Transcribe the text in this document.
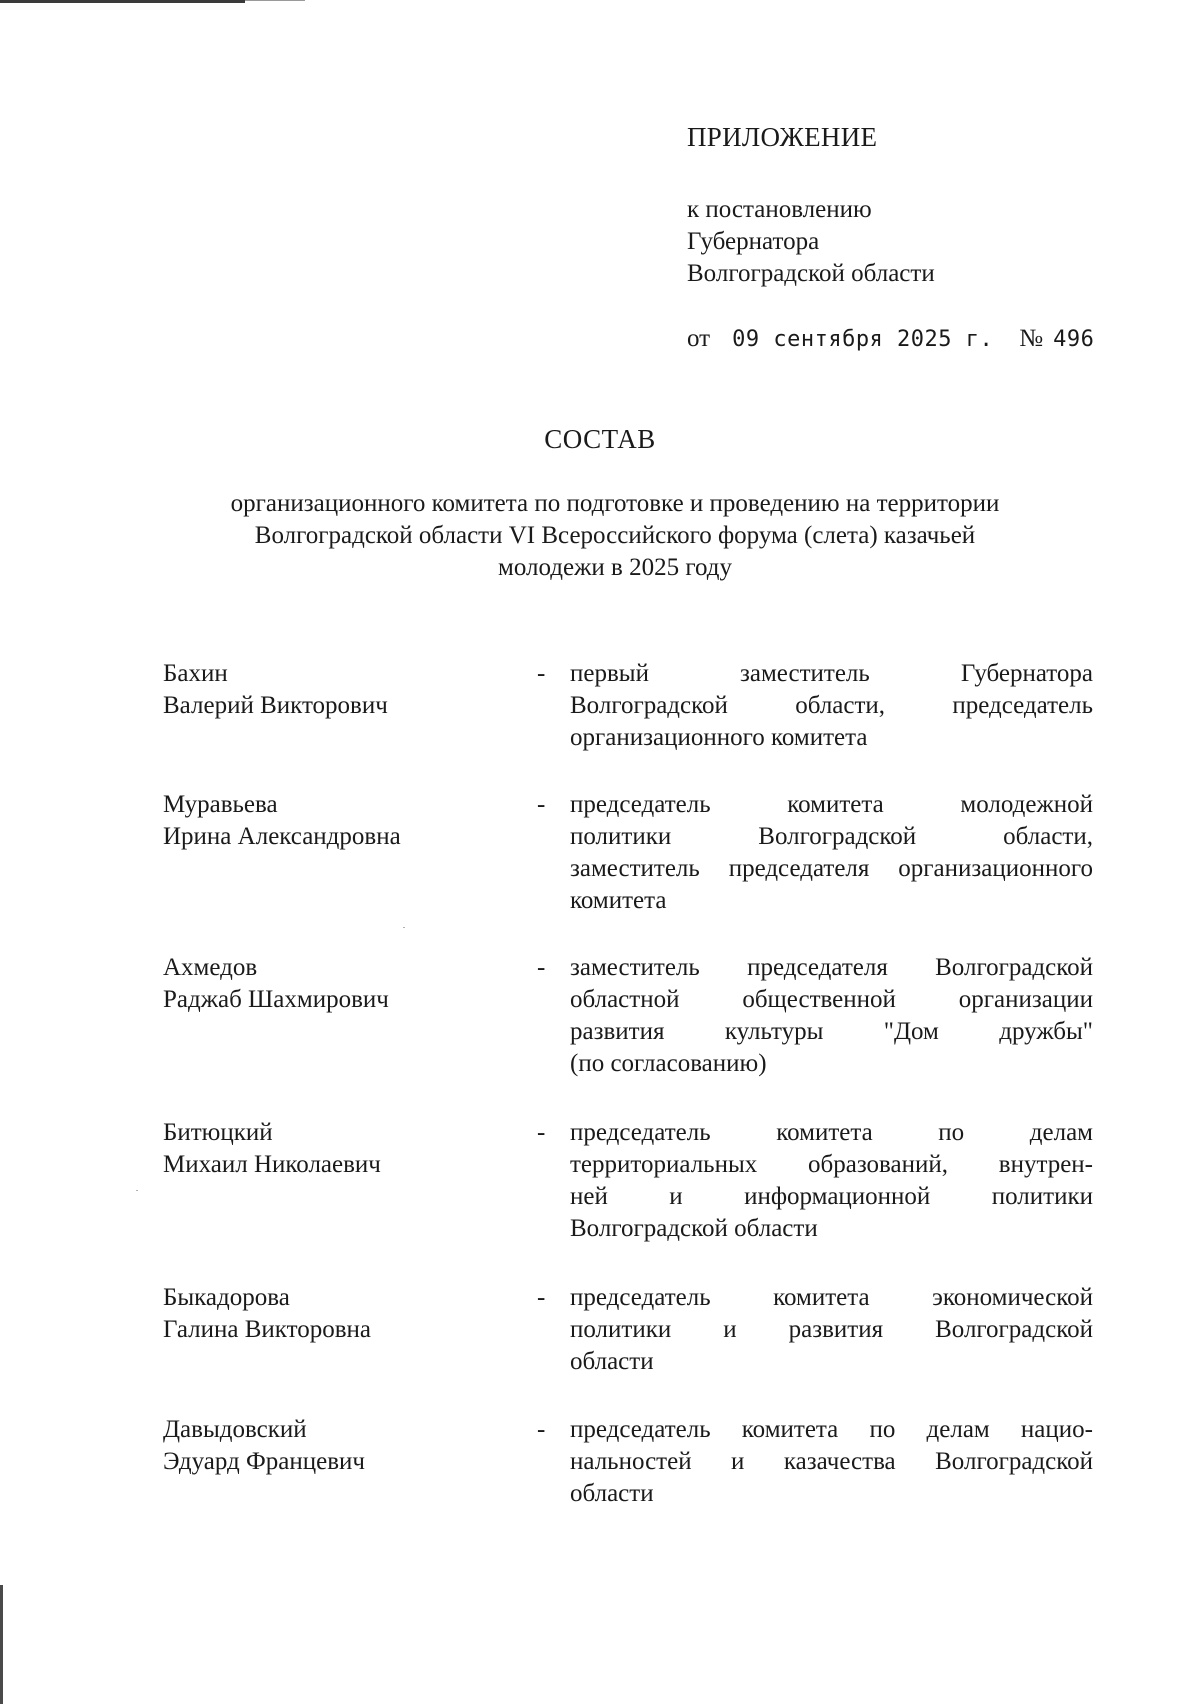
ПРИЛОЖЕНИЕ
к постановлению
Губернатора
Волгоградской области
от 09 сентября 2025 г. № 496
СОСТАВ
организационного комитета по подготовке и проведению на территории
Волгоградской области VI Всероссийского форума (слета) казачьей
молодежи в 2025 году
Бахин
Валерий Викторович
- первый	заместитель	Губернатора
Волгоградской	области,	председатель
организационного комитета
Муравьева
Ирина Александровна
- председатель	комитета	молодежной
политики	Волгоградской	области,
заместитель председателя организационного
комитета
Ахмедов
Раджаб Шахмирович
- заместитель председателя Волгоградской
областной	общественной	организации
развития культуры "Дом дружбы"
(по согласованию)
Битюцкий
Михаил Николаевич
- председатель	комитета	по	делам
территориальных образований, внутрен-
ней и информационной политики
Волгоградской области
Быкадорова
Галина Викторовна
- председатель	комитета	экономической
политики и развития Волгоградской
области
Давыдовский
Эдуард Францевич
- председатель комитета по делам нацио-
нальностей и казачества Волгоградской
области
